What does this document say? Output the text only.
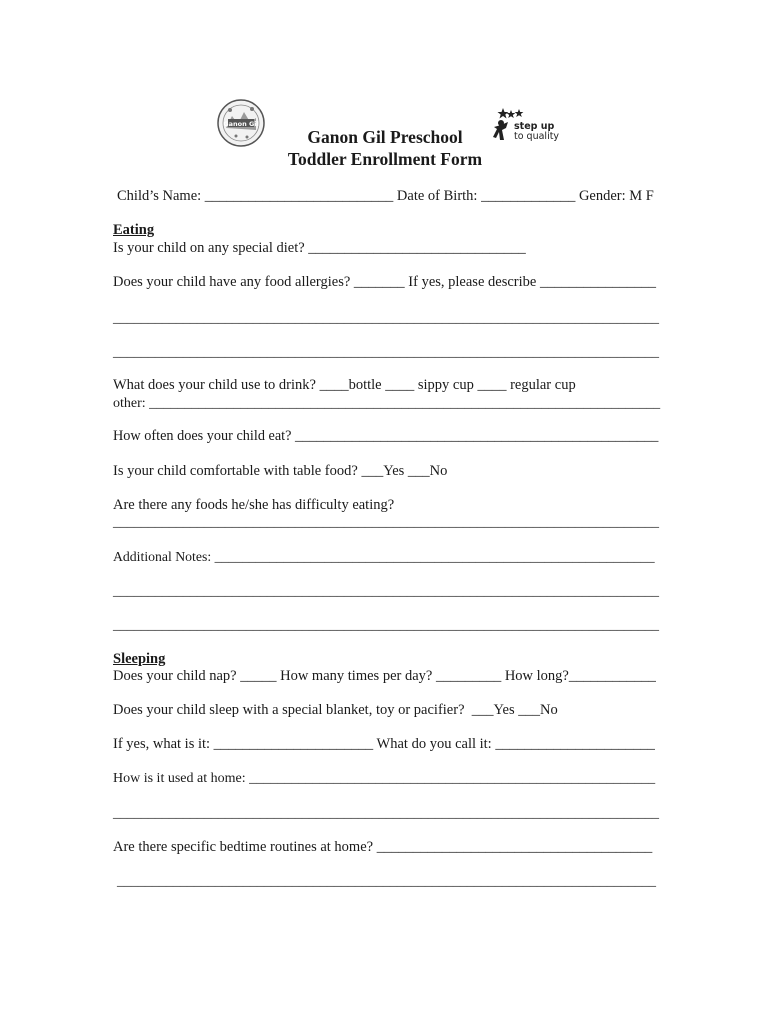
Ganon Gil	step up
to quality
Ganon Gil Preschool
Toddler Enrollment Form
Child’s Name: __________________________ Date of Birth: _____________ Gender: M F
Eating
Is your child on any special diet? ______________________________
Does your child have any food allergies? _______ If yes, please describe ________________
______________________________________________________________________________
______________________________________________________________________________
What does your child use to drink? ____bottle ____ sippy cup ____ regular cup
other: _________________________________________________________________________
How often does your child eat? ___________________________________________________
Is your child comfortable with table food? ___Yes ___No
Are there any foods he/she has difficulty eating?
______________________________________________________________________________
Additional Notes: ________________________________________________________________
______________________________________________________________________________
______________________________________________________________________________
Sleeping
Does your child nap? _____ How many times per day? _________ How long?____________
Does your child sleep with a special blanket, toy or pacifier?  ___Yes ___No
If yes, what is it: ______________________ What do you call it: ______________________
How is it used at home: __________________________________________________________
______________________________________________________________________________
Are there specific bedtime routines at home? ______________________________________
_____________________________________________________________________________
